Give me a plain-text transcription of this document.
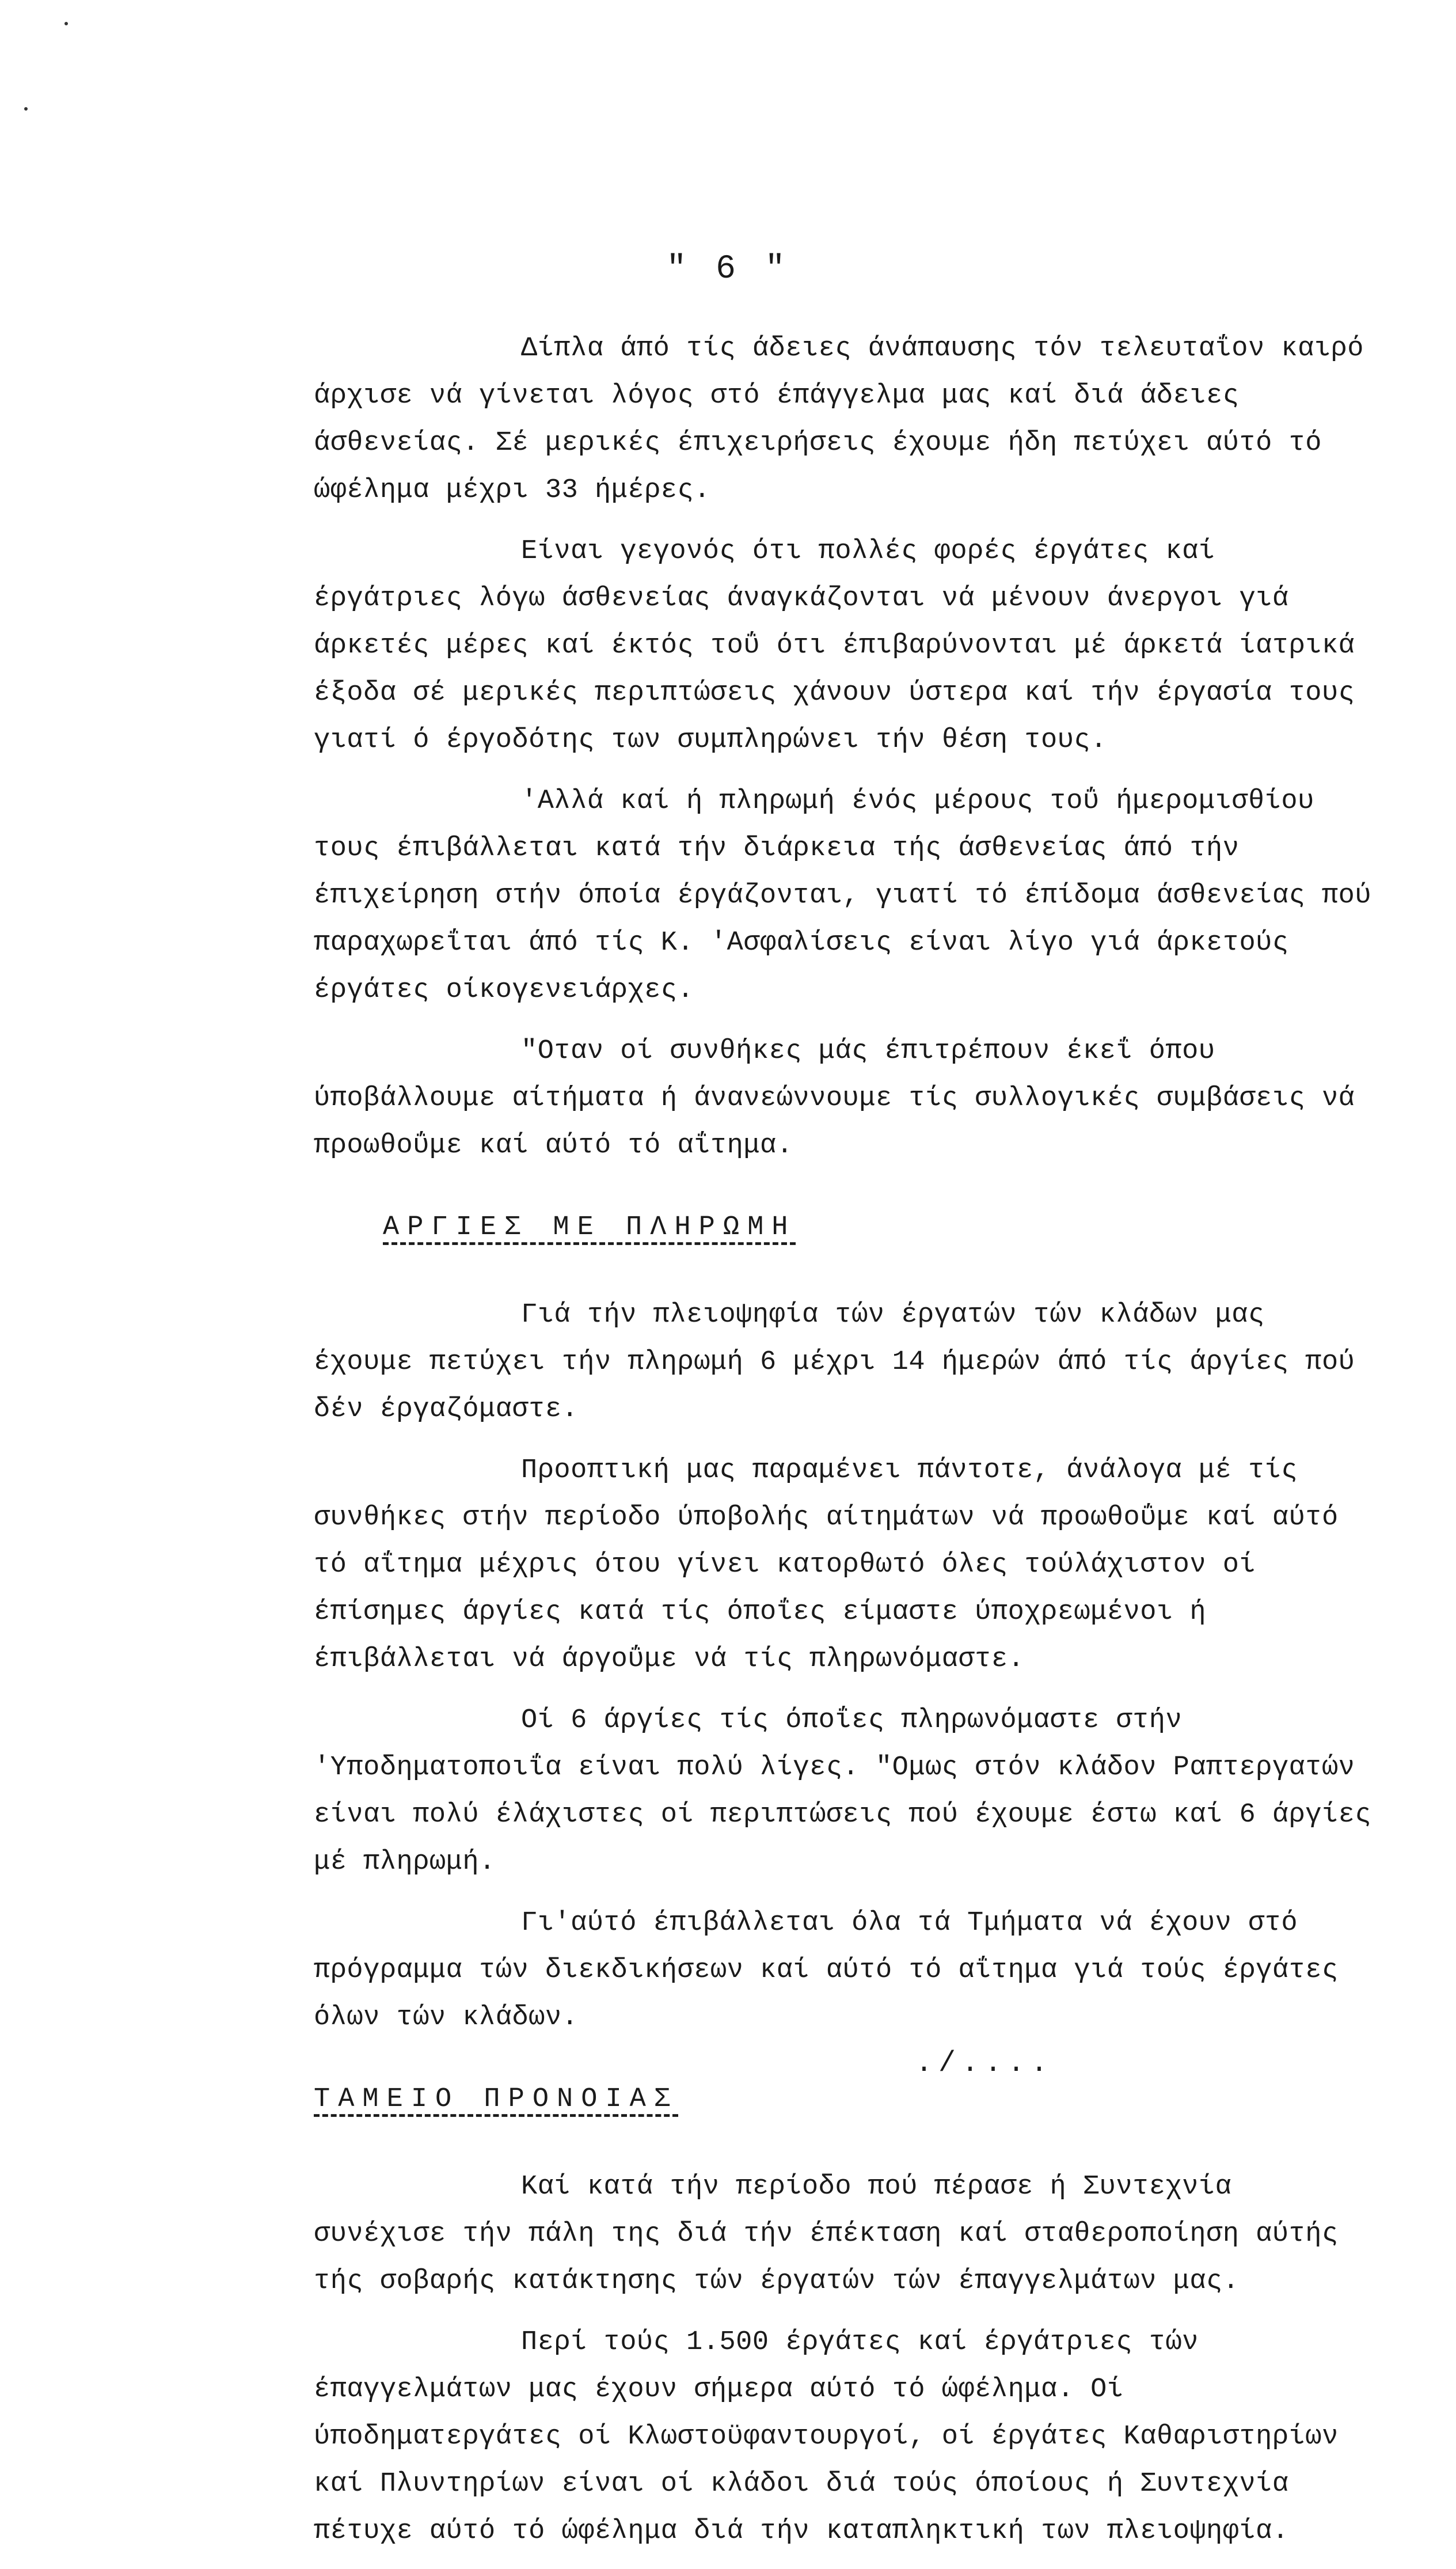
" 6 "

Δίπλα άπό τίς άδειες άνάπαυσης τόν τελευταΐον καιρό άρχισε νά γίνεται λόγος στό έπάγγελμα μας καί διά άδειες άσθενείας. Σέ μερικές έπιχειρήσεις έχουμε ήδη πετύχει αύτό τό ώφέλημα μέχρι 33 ήμέρες.

Είναι γεγονός ότι πολλές φορές έργάτες καί έργάτριες λόγω άσθενείας άναγκάζονται νά μένουν άνεργοι γιά άρκετές μέρες καί έκτός τοΰ ότι έπιβαρύνονται μέ άρκετά ίατρικά έξοδα σέ μερικές περιπτώσεις χάνουν ύστερα καί τήν έργασία τους γιατί ό έργοδότης των συμπληρώνει τήν θέση τους.

'Αλλά καί ή πληρωμή ένός μέρους τοΰ ήμερομισθίου τους έπιβάλλεται κατά τήν διάρκεια τής άσθενείας άπό τήν έπιχείρηση στήν όποία έργάζονται, γιατί τό έπίδομα άσθενείας πού παραχωρεΐται άπό τίς Κ. 'Ασφαλίσεις είναι λίγο γιά άρκετούς έργάτες οίκογενειάρχες.

"Οταν οί συνθήκες μάς έπιτρέπουν έκεΐ όπου ύποβάλλουμε αίτήματα ή άνανεώννουμε τίς συλλογικές συμβάσεις νά προωθοΰμε καί αύτό τό αΐτημα.

ΑΡΓΙΕΣ ΜΕ ΠΛΗΡΩΜΗ

Γιά τήν πλειοψηφία τών έργατών τών κλάδων μας έχουμε πετύχει τήν πληρωμή 6 μέχρι 14 ήμερών άπό τίς άργίες πού δέν έργαζόμαστε.

Προοπτική μας παραμένει πάντοτε, άνάλογα μέ τίς συνθήκες στήν περίοδο ύποβολής αίτημάτων νά προωθοΰμε καί αύτό τό αΐτημα μέχρις ότου γίνει κατορθωτό όλες τούλάχιστον οί έπίσημες άργίες κατά τίς όποΐες είμαστε ύποχρεωμένοι ή έπιβάλλεται νά άργοΰμε νά τίς πληρωνόμαστε.

Οί 6 άργίες τίς όποΐες πληρωνόμαστε στήν 'Υποδηματοποιΐα είναι πολύ λίγες. "Ομως στόν κλάδον Ραπτεργατών είναι πολύ έλάχιστες οί περιπτώσεις πού έχουμε έστω καί 6 άργίες μέ πληρωμή.

Γι'αύτό έπιβάλλεται όλα τά Τμήματα νά έχουν στό πρόγραμμα τών διεκδικήσεων καί αύτό τό αΐτημα γιά τούς έργάτες όλων τών κλάδων.

ΤΑΜΕΙΟ ΠΡΟΝΟΙΑΣ

Καί κατά τήν περίοδο πού πέρασε ή Συντεχνία συνέχισε τήν πάλη της διά τήν έπέκταση καί σταθεροποίηση αύτής τής σοβαρής κατάκτησης τών έργατών τών έπαγγελμάτων μας.

Περί τούς 1.500 έργάτες καί έργάτριες τών έπαγγελμάτων μας έχουν σήμερα αύτό τό ώφέλημα. Οί ύποδηματεργάτες οί Κλωστοϋφαντουργοί, οί έργάτες Καθαριστηρίων καί Πλυντηρίων είναι οί κλάδοι διά τούς όποίους ή Συντεχνία πέτυχε αύτό τό ώφέλημα διά τήν καταπληκτική των πλειοψηφία.

./....
